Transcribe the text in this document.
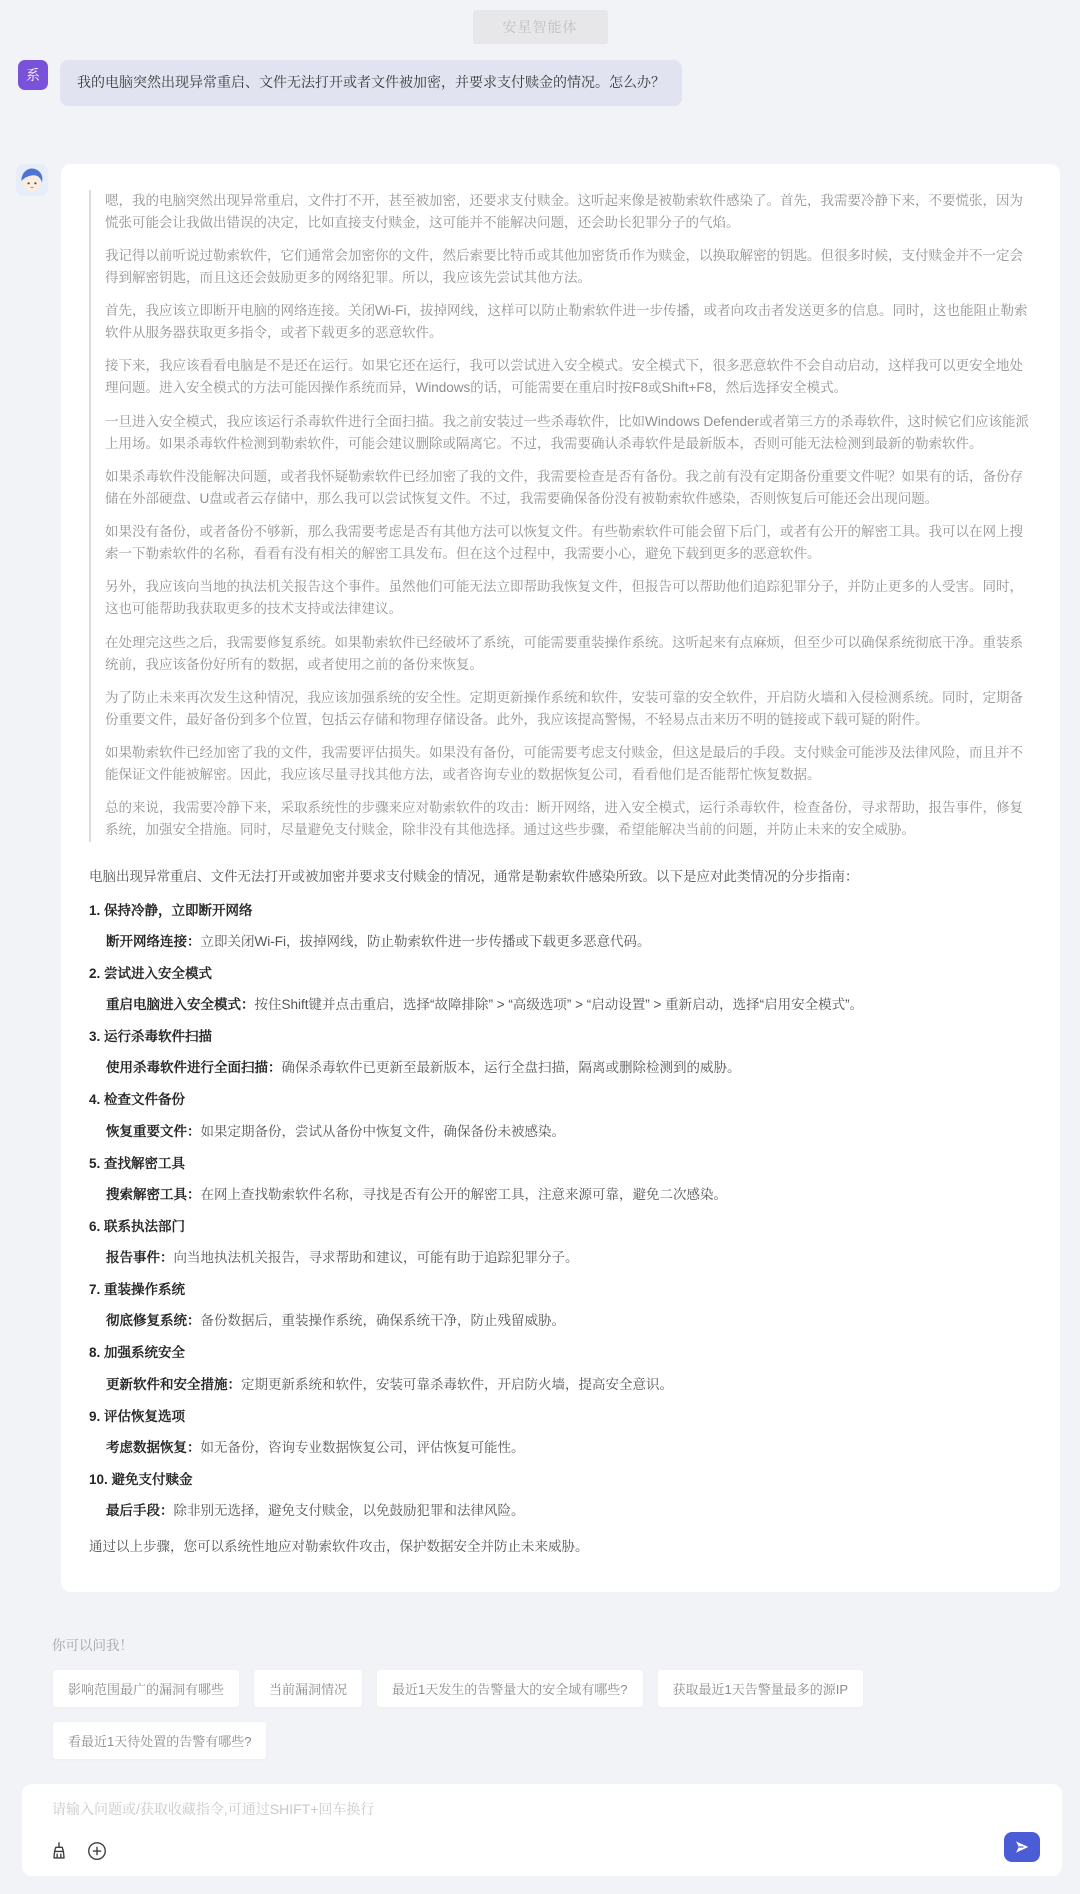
安星智能体
系	我的电脑突然出现异常重启、文件无法打开或者文件被加密，并要求支付赎金的情况。怎么办？

嗯，我的电脑突然出现异常重启，文件打不开，甚至被加密，还要求支付赎金。这听起来像是被勒索软件感染了。首先，我需要冷静下来，不要慌张，因为慌张可能会让我做出错误的决定，比如直接支付赎金，这可能并不能解决问题，还会助长犯罪分子的气焰。

我记得以前听说过勒索软件，它们通常会加密你的文件，然后索要比特币或其他加密货币作为赎金，以换取解密的钥匙。但很多时候，支付赎金并不一定会得到解密钥匙，而且这还会鼓励更多的网络犯罪。所以，我应该先尝试其他方法。

首先，我应该立即断开电脑的网络连接。关闭Wi-Fi，拔掉网线，这样可以防止勒索软件进一步传播，或者向攻击者发送更多的信息。同时，这也能阻止勒索软件从服务器获取更多指令，或者下载更多的恶意软件。

接下来，我应该看看电脑是不是还在运行。如果它还在运行，我可以尝试进入安全模式。安全模式下，很多恶意软件不会自动启动，这样我可以更安全地处理问题。进入安全模式的方法可能因操作系统而异，Windows的话，可能需要在重启时按F8或Shift+F8，然后选择安全模式。

一旦进入安全模式，我应该运行杀毒软件进行全面扫描。我之前安装过一些杀毒软件，比如Windows Defender或者第三方的杀毒软件，这时候它们应该能派上用场。如果杀毒软件检测到勒索软件，可能会建议删除或隔离它。不过，我需要确认杀毒软件是最新版本，否则可能无法检测到最新的勒索软件。

如果杀毒软件没能解决问题，或者我怀疑勒索软件已经加密了我的文件，我需要检查是否有备份。我之前有没有定期备份重要文件呢？如果有的话，备份存储在外部硬盘、U盘或者云存储中，那么我可以尝试恢复文件。不过，我需要确保备份没有被勒索软件感染，否则恢复后可能还会出现问题。

如果没有备份，或者备份不够新，那么我需要考虑是否有其他方法可以恢复文件。有些勒索软件可能会留下后门，或者有公开的解密工具。我可以在网上搜索一下勒索软件的名称，看看有没有相关的解密工具发布。但在这个过程中，我需要小心，避免下载到更多的恶意软件。

另外，我应该向当地的执法机关报告这个事件。虽然他们可能无法立即帮助我恢复文件，但报告可以帮助他们追踪犯罪分子，并防止更多的人受害。同时，这也可能帮助我获取更多的技术支持或法律建议。

在处理完这些之后，我需要修复系统。如果勒索软件已经破坏了系统，可能需要重装操作系统。这听起来有点麻烦，但至少可以确保系统彻底干净。重装系统前，我应该备份好所有的数据，或者使用之前的备份来恢复。

为了防止未来再次发生这种情况，我应该加强系统的安全性。定期更新操作系统和软件，安装可靠的安全软件，开启防火墙和入侵检测系统。同时，定期备份重要文件，最好备份到多个位置，包括云存储和物理存储设备。此外，我应该提高警惕，不轻易点击来历不明的链接或下载可疑的附件。

如果勒索软件已经加密了我的文件，我需要评估损失。如果没有备份，可能需要考虑支付赎金，但这是最后的手段。支付赎金可能涉及法律风险，而且并不能保证文件能被解密。因此，我应该尽量寻找其他方法，或者咨询专业的数据恢复公司，看看他们是否能帮忙恢复数据。

总的来说，我需要冷静下来，采取系统性的步骤来应对勒索软件的攻击：断开网络，进入安全模式，运行杀毒软件，检查备份，寻求帮助，报告事件，修复系统，加强安全措施。同时，尽量避免支付赎金，除非没有其他选择。通过这些步骤，希望能解决当前的问题，并防止未来的安全威胁。

电脑出现异常重启、文件无法打开或被加密并要求支付赎金的情况，通常是勒索软件感染所致。以下是应对此类情况的分步指南：

1. 保持冷静，立即断开网络
断开网络连接：立即关闭Wi-Fi，拔掉网线，防止勒索软件进一步传播或下载更多恶意代码。
2. 尝试进入安全模式
重启电脑进入安全模式：按住Shift键并点击重启，选择“故障排除” > “高级选项” > “启动设置” > 重新启动，选择“启用安全模式”。
3. 运行杀毒软件扫描
使用杀毒软件进行全面扫描：确保杀毒软件已更新至最新版本，运行全盘扫描，隔离或删除检测到的威胁。
4. 检查文件备份
恢复重要文件：如果定期备份，尝试从备份中恢复文件，确保备份未被感染。
5. 查找解密工具
搜索解密工具：在网上查找勒索软件名称，寻找是否有公开的解密工具，注意来源可靠，避免二次感染。
6. 联系执法部门
报告事件：向当地执法机关报告，寻求帮助和建议，可能有助于追踪犯罪分子。
7. 重装操作系统
彻底修复系统：备份数据后，重装操作系统，确保系统干净，防止残留威胁。
8. 加强系统安全
更新软件和安全措施：定期更新系统和软件，安装可靠杀毒软件，开启防火墙，提高安全意识。
9. 评估恢复选项
考虑数据恢复：如无备份，咨询专业数据恢复公司，评估恢复可能性。
10. 避免支付赎金
最后手段：除非别无选择，避免支付赎金，以免鼓励犯罪和法律风险。

通过以上步骤，您可以系统性地应对勒索软件攻击，保护数据安全并防止未来威胁。

你可以问我！
影响范围最广的漏洞有哪些	当前漏洞情况	最近1天发生的告警量大的安全域有哪些?	获取最近1天告警量最多的源IP
看最近1天待处置的告警有哪些?
请输入问题或/获取收藏指令,可通过SHIFT+回车换行
